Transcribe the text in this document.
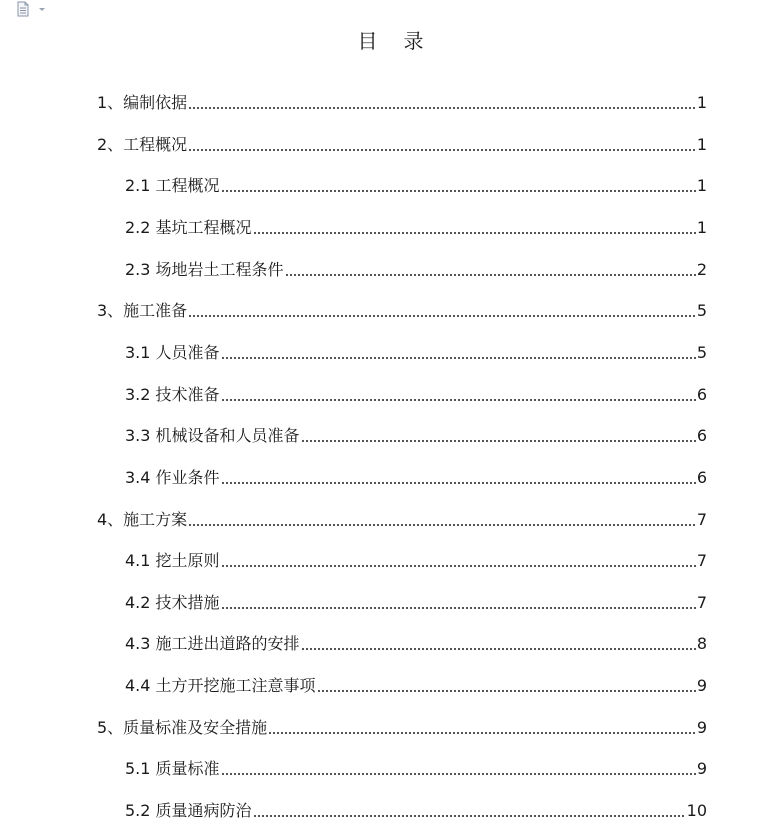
目 录
1、编制依据	1
2、工程概况	1
2.1 工程概况	1
2.2 基坑工程概况	1
2.3 场地岩土工程条件	2
3、施工准备	5
3.1 人员准备	5
3.2 技术准备	6
3.3 机械设备和人员准备	6
3.4 作业条件	6
4、施工方案	7
4.1 挖土原则	7
4.2 技术措施	7
4.3 施工进出道路的安排	8
4.4 土方开挖施工注意事项	9
5、质量标准及安全措施	9
5.1 质量标准	9
5.2 质量通病防治	10
